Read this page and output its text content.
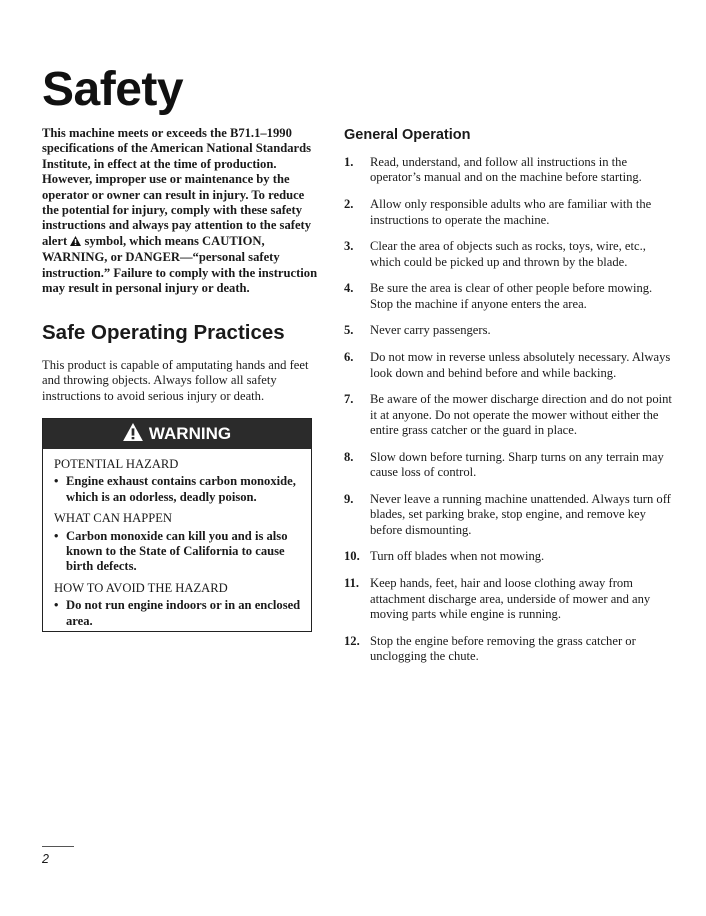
Safety

This machine meets or exceeds the B71.1–1990 specifications of the American National Standards Institute, in effect at the time of production. However, improper use or maintenance by the operator or owner can result in injury. To reduce the potential for injury, comply with these safety instructions and always pay attention to the safety alert  symbol, which means CAUTION, WARNING, or DANGER—“personal safety instruction.” Failure to comply with the instruction may result in personal injury or death.

Safe Operating Practices

This product is capable of amputating hands and feet and throwing objects. Always follow all safety instructions to avoid serious injury or death.

WARNING
POTENTIAL HAZARD
• Engine exhaust contains carbon monoxide, which is an odorless, deadly poison.
WHAT CAN HAPPEN
• Carbon monoxide can kill you and is also known to the State of California to cause birth defects.
HOW TO AVOID THE HAZARD
• Do not run engine indoors or in an enclosed area.
General Operation
1.	Read, understand, and follow all instructions in the operator’s manual and on the machine before starting.
2.	Allow only responsible adults who are familiar with the instructions to operate the machine.
3.	Clear the area of objects such as rocks, toys, wire, etc., which could be picked up and thrown by the blade.
4.	Be sure the area is clear of other people before mowing. Stop the machine if anyone enters the area.
5.	Never carry passengers.
6.	Do not mow in reverse unless absolutely necessary. Always look down and behind before and while backing.
7.	Be aware of the mower discharge direction and do not point it at anyone. Do not operate the mower without either the entire grass catcher or the guard in place.
8.	Slow down before turning. Sharp turns on any terrain may cause loss of control.
9.	Never leave a running machine unattended. Always turn off blades, set parking brake, stop engine, and remove key before dismounting.
10. Turn off blades when not mowing.
11. Keep hands, feet, hair and loose clothing away from attachment discharge area, underside of mower and any moving parts while engine is running.
12. Stop the engine before removing the grass catcher or unclogging the chute.
2
